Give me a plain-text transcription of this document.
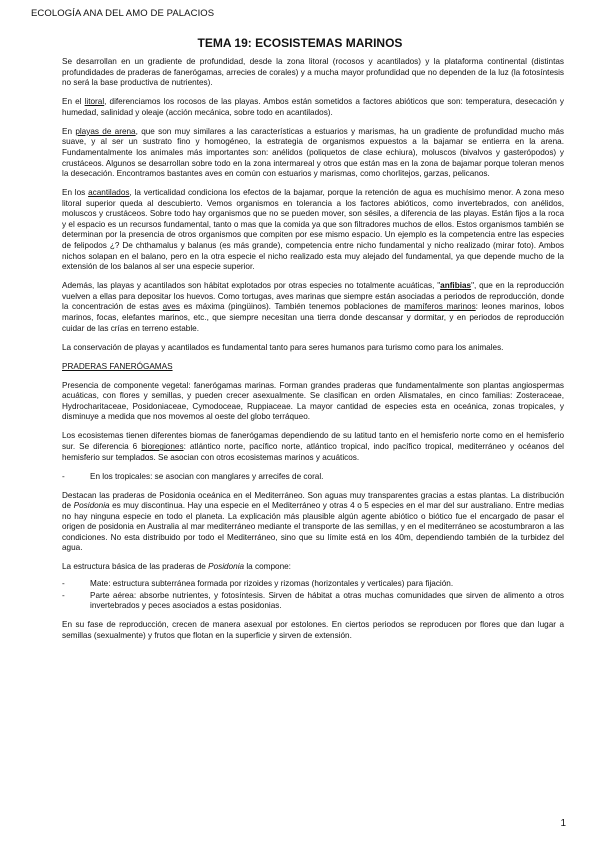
ECOLOGÍA ANA DEL AMO DE PALACIOS
TEMA 19: ECOSISTEMAS MARINOS

Se desarrollan en un gradiente de profundidad, desde la zona litoral (rocosos y acantilados) y la plataforma continental (distintas profundidades de praderas de fanerógamas, arrecies de corales) y a mucha mayor profundidad que no dependen de la luz (la fotosíntesis no será la base productiva de nutrientes).

En el litoral, diferenciamos los rocosos de las playas. Ambos están sometidos a factores abióticos que son: temperatura, desecación y humedad, salinidad y oleaje (acción mecánica, sobre todo en acantilados).

En playas de arena, que son muy similares a las características a estuarios y marismas, ha un gradiente de profundidad mucho más suave, y al ser un sustrato fino y homogéneo, la estrategia de organismos expuestos a la bajamar se entierra en la arena. Fundamentalmente los animales más importantes son: anélidos (poliquetos de clase echiura), moluscos (bivalvos y gasterópodos) y crustáceos. Algunos se desarrollan sobre todo en la zona intermareal y otros que están mas en la zona de bajamar porque toleran menos la desecación. Encontramos bastantes aves en común con estuarios y marismas, como chorlitejos, garzas, pelicanos.

En los acantilados, la verticalidad condiciona los efectos de la bajamar, porque la retención de agua es muchísimo menor. A zona meso litoral superior queda al descubierto. Vemos organismos en tolerancia a los factores abióticos, como invertebrados, con anélidos, moluscos y crustáceos. Sobre todo hay organismos que no se pueden mover, son sésiles, a diferencia de las playas. Están fijos a la roca y el espacio es un recursos fundamental, tanto o mas que la comida ya que son filtradores muchos de ellos. Estos organismos también se determinan por la presencia de otros organismos que compiten por ese mismo espacio. Un ejemplo es la competencia entre las especies de felipodos ¿? De chthamalus y balanus (es más grande), competencia entre nicho fundamental y nicho realizado (mirar foto). Ambos nichos solapan en el balano, pero en la otra especie el nicho realizado esta muy alejado del fundamental, ya que depende mucho de la extensión de los balanos al ser una especie superior.

Además, las playas y acantilados son hábitat explotados por otras especies no totalmente acuáticas, "anfibias", que en la reproducción vuelven a ellas para depositar los huevos. Como tortugas, aves marinas que siempre están asociadas a periodos de reproducción, donde la concentración de estas aves es máxima (pingüinos). También tenemos poblaciones de mamíferos marinos: leones marinos, lobos marinos, focas, elefantes marinos, etc., que siempre necesitan una tierra donde descansar y dormitar, y en periodos de reproducción cuidar de las crías en terreno estable.

La conservación de playas y acantilados es fundamental tanto para seres humanos para turismo como para los animales.

PRADERAS FANERÓGAMAS

Presencia de componente vegetal: fanerógamas marinas. Forman grandes praderas que fundamentalmente son plantas angiospermas acuáticas, con flores y semillas, y pueden crecer asexualmente. Se clasifican en orden Alismatales, en cinco familias: Zosteraceae, Hydrocharitaceae, Posidoniaceae, Cymodoceae, Ruppiaceae. La mayor cantidad de especies esta en oceánica, zonas tropicales, y disminuye a medida que nos movemos al oeste del globo terráqueo.

Los ecosistemas tienen diferentes biomas de fanerógamas dependiendo de su latitud tanto en el hemisferio norte como en el hemisferio sur. Se diferencia 6 bioregiones: atlántico norte, pacífico norte, atlántico tropical, indo pacífico tropical, mediterráneo y océanos del hemisferio sur templados. Se asocian con otros ecosistemas marinos y acuáticos.

- En los tropicales: se asocian con manglares y arrecifes de coral.

Destacan las praderas de Posidonia oceánica en el Mediterráneo. Son aguas muy transparentes gracias a estas plantas. La distribución de Posidonia es muy discontinua. Hay una especie en el Mediterráneo y otras 4 o 5 especies en el mar del sur australiano. Entre medias no hay ninguna especie en todo el planeta. La explicación más plausible algún agente abiótico o biótico fue el encargado de pasar el origen de posidonia en Australia al mar mediterráneo mediante el transporte de las semillas, y en el mediterráneo se acostumbraron a las condiciones. No esta distribuido por todo el Mediterráneo, sino que su límite está en los 40m, dependiendo también de la turbidez del agua.

La estructura básica de las praderas de Posidonia la compone:

- Mate: estructura subterránea formada por rizoides y rizomas (horizontales y verticales) para fijación.
- Parte aérea: absorbe nutrientes, y fotosíntesis. Sirven de hábitat a otras muchas comunidades que sirven de alimento a otros invertebrados y peces asociados a estas posidonias.

En su fase de reproducción, crecen de manera asexual por estolones. En ciertos periodos se reproducen por flores que dan lugar a semillas (sexualmente) y frutos que flotan en la superficie y sirven de extensión.

1
